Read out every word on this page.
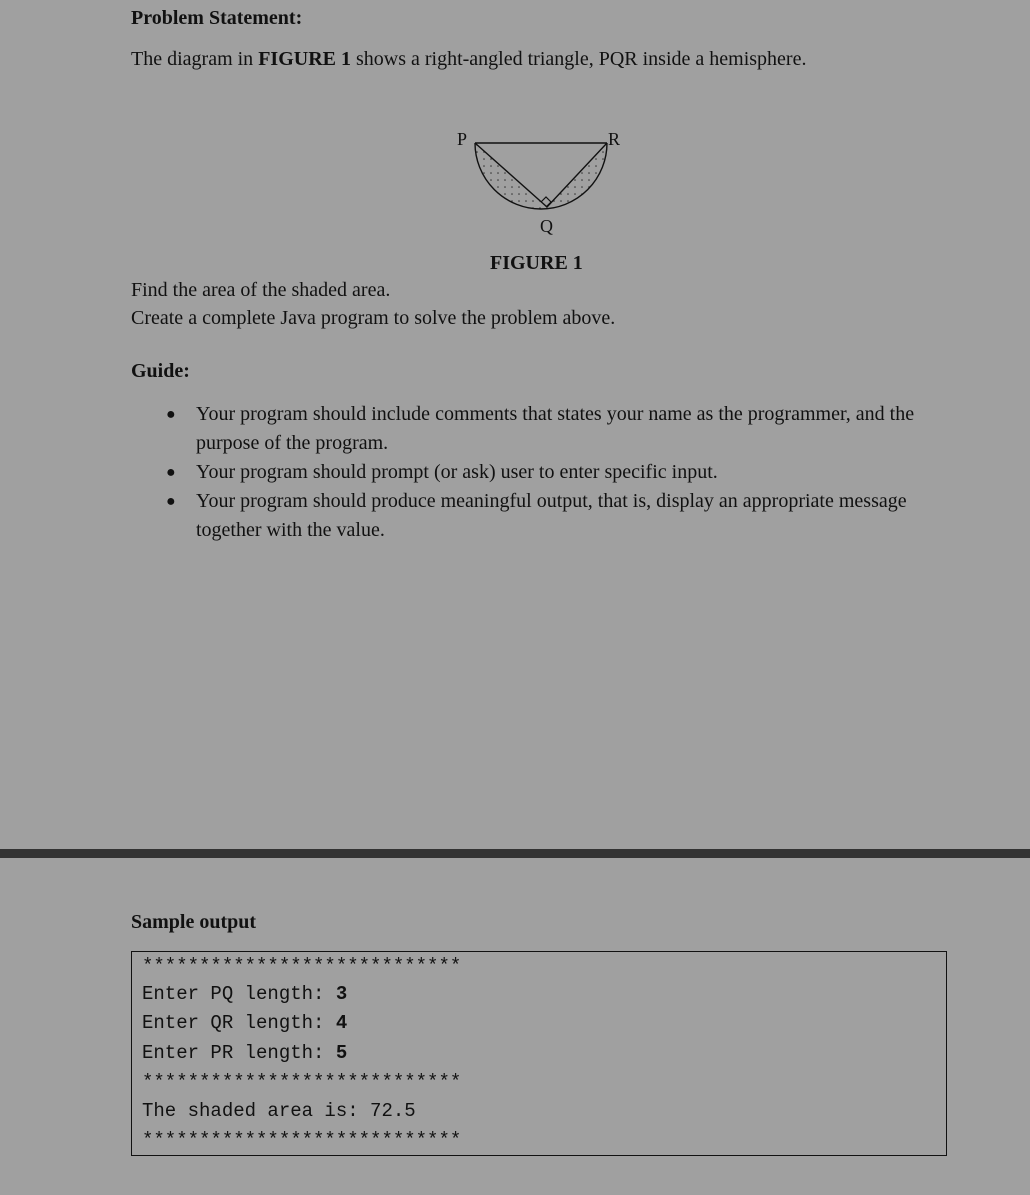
Problem Statement:
The diagram in FIGURE 1 shows a right-angled triangle, PQR inside a hemisphere.
P
Q
R
FIGURE 1
Find the area of the shaded area.
Create a complete Java program to solve the problem above.
Guide:
● Your program should include comments that states your name as the programmer, and the purpose of the program.
● Your program should prompt (or ask) user to enter specific input.
● Your program should produce meaningful output, that is, display an appropriate message together with the value.
Sample output
****************************
Enter PQ length: 3
Enter QR length: 4
Enter PR length: 5
****************************
The shaded area is: 72.5
****************************
